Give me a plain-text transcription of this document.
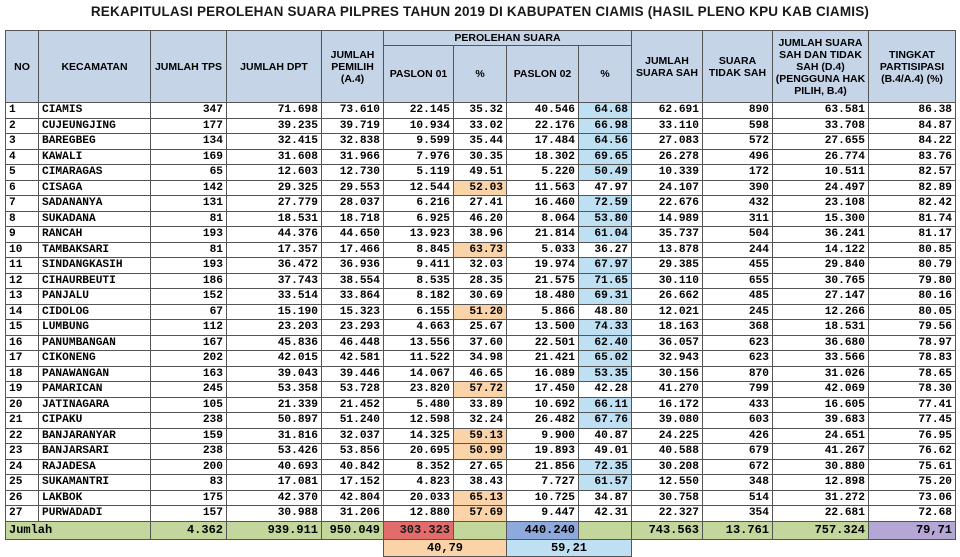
REKAPITULASI PEROLEHAN SUARA PILPRES TAHUN 2019 DI KABUPATEN CIAMIS (HASIL PLENO KPU KAB CIAMIS)
NO	KECAMATAN	JUMLAH TPS	JUMLAH DPT	JUMLAH PEMILIH (A.4)	PEROLEHAN SUARA				JUMLAH SUARA SAH	SUARA TIDAK SAH	JUMLAH SUARA SAH DAN TIDAK SAH (D.4) (PENGGUNA HAK PILIH, B.4)	TINGKAT PARTISIPASI (B.4/A.4) (%)
					PASLON 01	%	PASLON 02	%				
1	CIAMIS	347	71.698	73.610	22.145	35.32	40.546	64.68	62.691	890	63.581	86.38
2	CUJEUNGJING	177	39.235	39.719	10.934	33.02	22.176	66.98	33.110	598	33.708	84.87
3	BAREGBEG	134	32.415	32.838	9.599	35.44	17.484	64.56	27.083	572	27.655	84.22
4	KAWALI	169	31.608	31.966	7.976	30.35	18.302	69.65	26.278	496	26.774	83.76
5	CIMARAGAS	65	12.603	12.730	5.119	49.51	5.220	50.49	10.339	172	10.511	82.57
6	CISAGA	142	29.325	29.553	12.544	52.03	11.563	47.97	24.107	390	24.497	82.89
7	SADANANYA	131	27.779	28.037	6.216	27.41	16.460	72.59	22.676	432	23.108	82.42
8	SUKADANA	81	18.531	18.718	6.925	46.20	8.064	53.80	14.989	311	15.300	81.74
9	RANCAH	193	44.376	44.650	13.923	38.96	21.814	61.04	35.737	504	36.241	81.17
10	TAMBAKSARI	81	17.357	17.466	8.845	63.73	5.033	36.27	13.878	244	14.122	80.85
11	SINDANGKASIH	193	36.472	36.936	9.411	32.03	19.974	67.97	29.385	455	29.840	80.79
12	CIHAURBEUTI	186	37.743	38.554	8.535	28.35	21.575	71.65	30.110	655	30.765	79.80
13	PANJALU	152	33.514	33.864	8.182	30.69	18.480	69.31	26.662	485	27.147	80.16
14	CIDOLOG	67	15.190	15.323	6.155	51.20	5.866	48.80	12.021	245	12.266	80.05
15	LUMBUNG	112	23.203	23.293	4.663	25.67	13.500	74.33	18.163	368	18.531	79.56
16	PANUMBANGAN	167	45.836	46.448	13.556	37.60	22.501	62.40	36.057	623	36.680	78.97
17	CIKONENG	202	42.015	42.581	11.522	34.98	21.421	65.02	32.943	623	33.566	78.83
18	PANAWANGAN	163	39.043	39.446	14.067	46.65	16.089	53.35	30.156	870	31.026	78.65
19	PAMARICAN	245	53.358	53.728	23.820	57.72	17.450	42.28	41.270	799	42.069	78.30
20	JATINAGARA	105	21.339	21.452	5.480	33.89	10.692	66.11	16.172	433	16.605	77.41
21	CIPAKU	238	50.897	51.240	12.598	32.24	26.482	67.76	39.080	603	39.683	77.45
22	BANJARANYAR	159	31.816	32.037	14.325	59.13	9.900	40.87	24.225	426	24.651	76.95
23	BANJARSARI	238	53.426	53.856	20.695	50.99	19.893	49.01	40.588	679	41.267	76.62
24	RAJADESA	200	40.693	40.842	8.352	27.65	21.856	72.35	30.208	672	30.880	75.61
25	SUKAMANTRI	83	17.081	17.152	4.823	38.43	7.727	61.57	12.550	348	12.898	75.20
26	LAKBOK	175	42.370	42.804	20.033	65.13	10.725	34.87	30.758	514	31.272	73.06
27	PURWADADI	157	30.988	31.206	12.880	57.69	9.447	42.31	22.327	354	22.681	72.68
Jumlah		4.362	939.911	950.049	303.323		440.240		743.563	13.761	757.324	79,71
					40,79		59,21					
